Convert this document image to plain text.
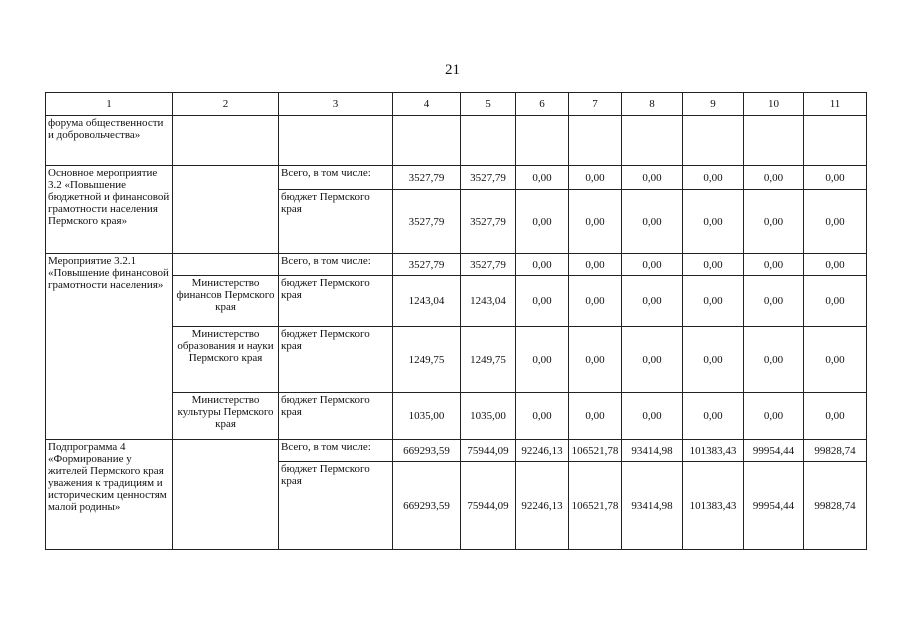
21
1	2	3	4	5	6	7	8	9	10	11
форума общественности и добровольчества»										
Основное мероприятие 3.2 «Повышение бюджетной и финансовой грамотности населения Пермского края»		Всего, в том числе:	3527,79	3527,79	0,00	0,00	0,00	0,00	0,00	0,00
		бюджет Пермского края	3527,79	3527,79	0,00	0,00	0,00	0,00	0,00	0,00
Мероприятие 3.2.1 «Повышение финансовой грамотности населения»		Всего, в том числе:	3527,79	3527,79	0,00	0,00	0,00	0,00	0,00	0,00
	Министерство финансов Пермского края	бюджет Пермского края	1243,04	1243,04	0,00	0,00	0,00	0,00	0,00	0,00
	Министерство образования и науки Пермского края	бюджет Пермского края	1249,75	1249,75	0,00	0,00	0,00	0,00	0,00	0,00
	Министерство культуры Пермского края	бюджет Пермского края	1035,00	1035,00	0,00	0,00	0,00	0,00	0,00	0,00
Подпрограмма 4 «Формирование у жителей Пермского края уважения к традициям и историческим ценностям малой родины»		Всего, в том числе:	669293,59	75944,09	92246,13	106521,78	93414,98	101383,43	99954,44	99828,74
		бюджет Пермского края	669293,59	75944,09	92246,13	106521,78	93414,98	101383,43	99954,44	99828,74
